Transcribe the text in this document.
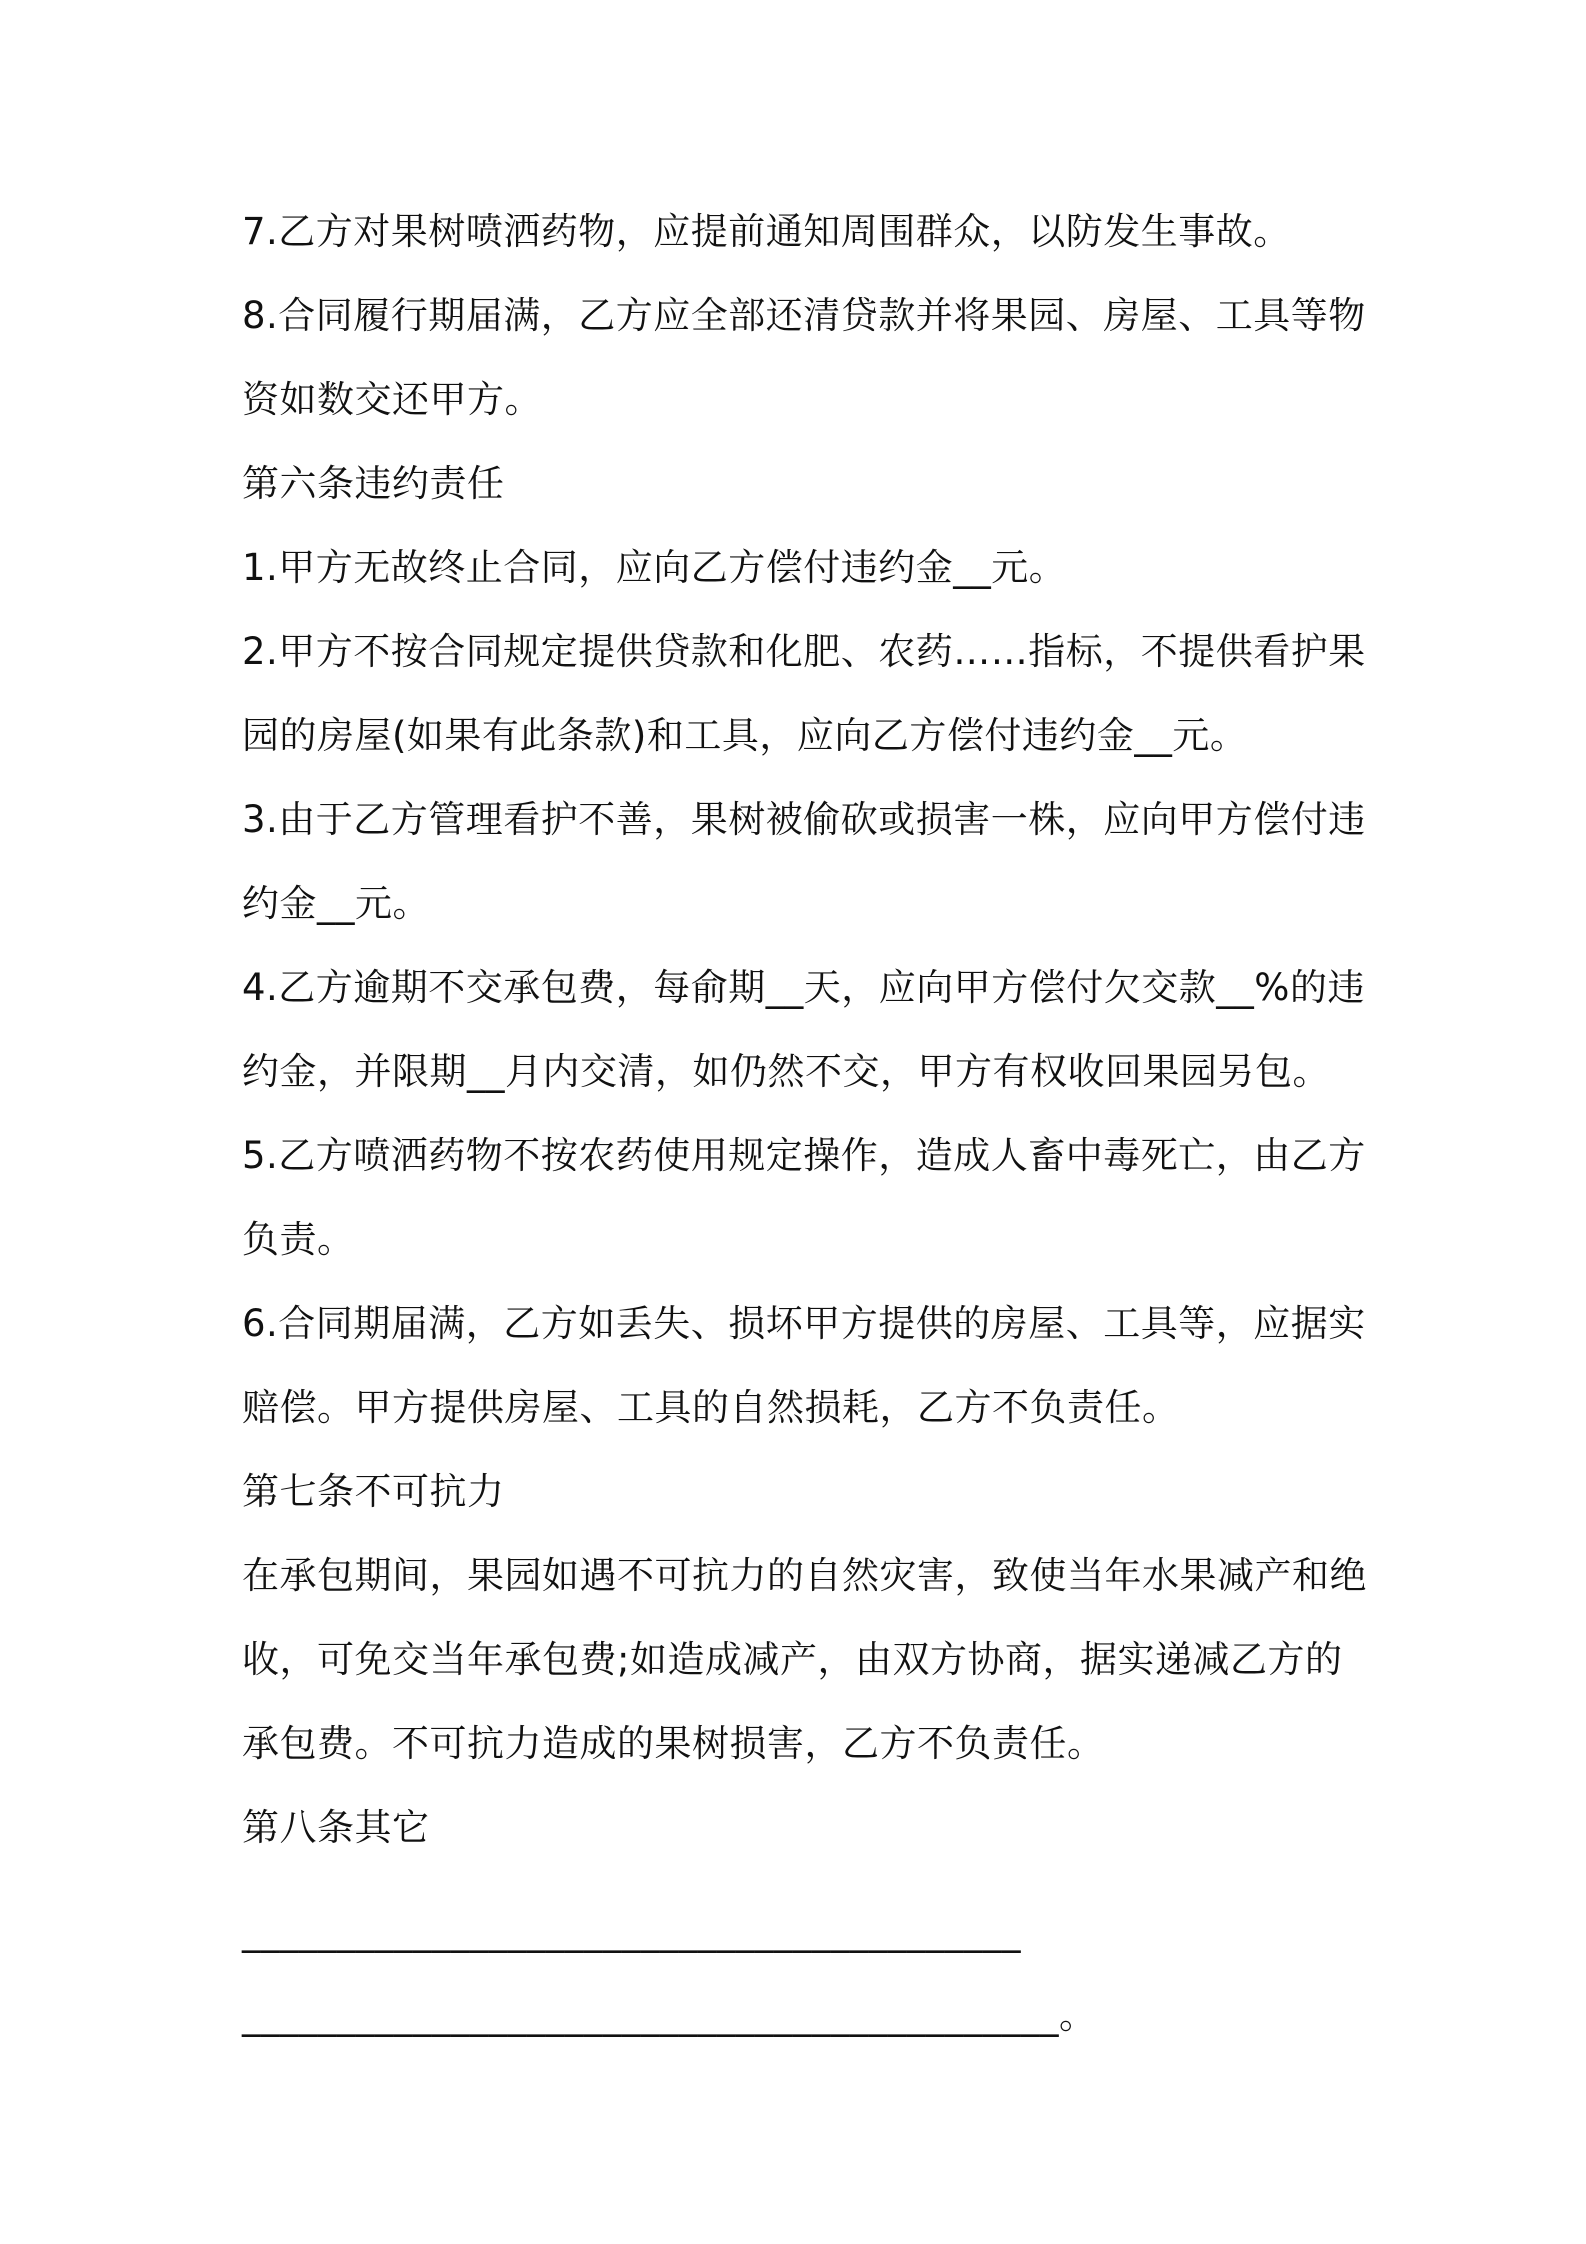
7.乙方对果树喷洒药物，应提前通知周围群众，以防发生事故。
8.合同履行期届满，乙方应全部还清贷款并将果园、房屋、工具等物
资如数交还甲方。
第六条违约责任
1.甲方无故终止合同，应向乙方偿付违约金__元。
2.甲方不按合同规定提供贷款和化肥、农药……指标，不提供看护果
园的房屋(如果有此条款)和工具，应向乙方偿付违约金__元。
3.由于乙方管理看护不善，果树被偷砍或损害一株，应向甲方偿付违
约金__元。
4.乙方逾期不交承包费，每俞期__天，应向甲方偿付欠交款__%的违
约金，并限期__月内交清，如仍然不交，甲方有权收回果园另包。
5.乙方喷洒药物不按农药使用规定操作，造成人畜中毒死亡，由乙方
负责。
6.合同期届满，乙方如丢失、损坏甲方提供的房屋、工具等，应据实
赔偿。甲方提供房屋、工具的自然损耗，乙方不负责任。
第七条不可抗力
在承包期间，果园如遇不可抗力的自然灾害，致使当年水果减产和绝
收，可免交当年承包费;如造成减产，由双方协商，据实递减乙方的
承包费。不可抗力造成的果树损害，乙方不负责任。
第八条其它
_________________________________________
___________________________________________。
